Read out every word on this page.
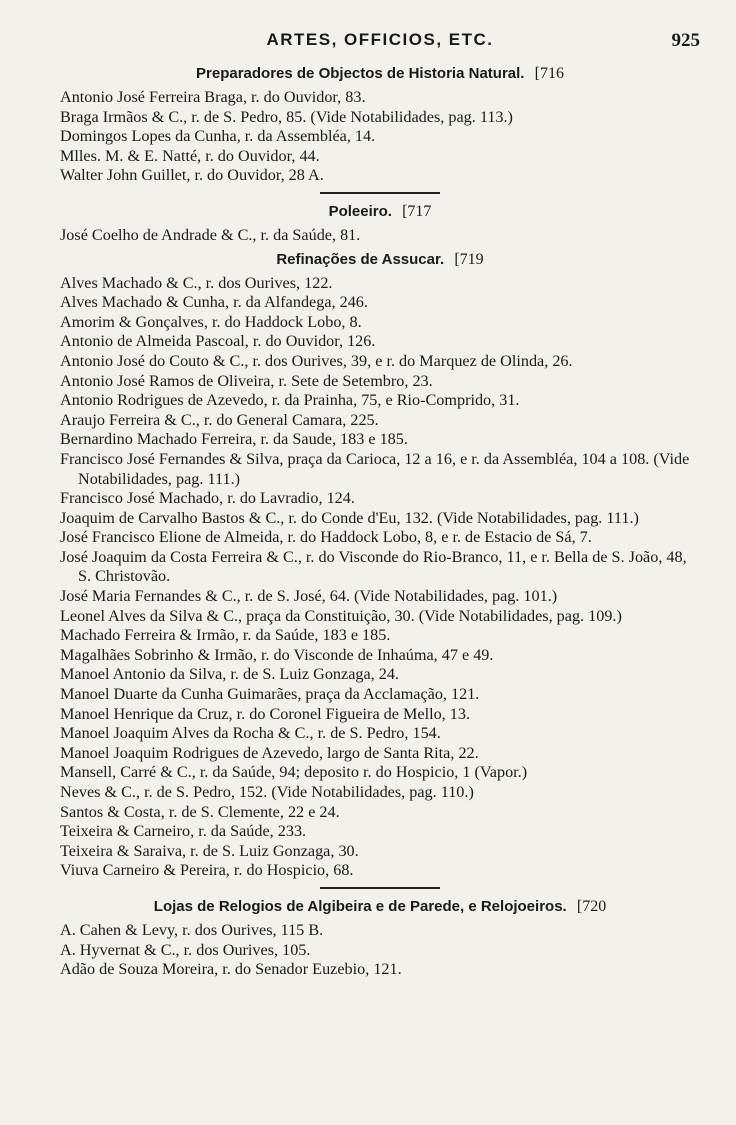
ARTES, OFFICIOS, ETC.	925
Preparadores de Objectos de Historia Natural. [716
Antonio José Ferreira Braga, r. do Ouvidor, 83.
Braga Irmãos & C., r. de S. Pedro, 85. (Vide Notabilidades, pag. 113.)
Domingos Lopes da Cunha, r. da Assembléa, 14.
Mlles. M. & E. Natté, r. do Ouvidor, 44.
Walter John Guillet, r. do Ouvidor, 28 A.
Poleeiro. [717
José Coelho de Andrade & C., r. da Saúde, 81.
Refinações de Assucar. [719
Alves Machado & C., r. dos Ourives, 122.
Alves Machado & Cunha, r. da Alfandega, 246.
Amorim & Gonçalves, r. do Haddock Lobo, 8.
Antonio de Almeida Pascoal, r. do Ouvidor, 126.
Antonio José do Couto & C., r. dos Ourives, 39, e r. do Marquez de Olinda, 26.
Antonio José Ramos de Oliveira, r. Sete de Setembro, 23.
Antonio Rodrigues de Azevedo, r. da Prainha, 75, e Rio-Comprido, 31.
Araujo Ferreira & C., r. do General Camara, 225.
Bernardino Machado Ferreira, r. da Saude, 183 e 185.
Francisco José Fernandes & Silva, praça da Carioca, 12 a 16, e r. da Assembléa, 104 a 108. (Vide Notabilidades, pag. 111.)
Francisco José Machado, r. do Lavradio, 124.
Joaquim de Carvalho Bastos & C., r. do Conde d'Eu, 132. (Vide Notabilidades, pag. 111.)
José Francisco Elione de Almeida, r. do Haddock Lobo, 8, e r. de Estacio de Sá, 7.
José Joaquim da Costa Ferreira & C., r. do Visconde do Rio-Branco, 11, e r. Bella de S. João, 48, S. Christovão.
José Maria Fernandes & C., r. de S. José, 64. (Vide Notabilidades, pag. 101.)
Leonel Alves da Silva & C., praça da Constituição, 30. (Vide Notabilidades, pag. 109.)
Machado Ferreira & Irmão, r. da Saúde, 183 e 185.
Magalhães Sobrinho & Irmão, r. do Visconde de Inhaúma, 47 e 49.
Manoel Antonio da Silva, r. de S. Luiz Gonzaga, 24.
Manoel Duarte da Cunha Guimarães, praça da Acclamação, 121.
Manoel Henrique da Cruz, r. do Coronel Figueira de Mello, 13.
Manoel Joaquim Alves da Rocha & C., r. de S. Pedro, 154.
Manoel Joaquim Rodrigues de Azevedo, largo de Santa Rita, 22.
Mansell, Carré & C., r. da Saúde, 94; deposito r. do Hospicio, 1 (Vapor.)
Neves & C., r. de S. Pedro, 152. (Vide Notabilidades, pag. 110.)
Santos & Costa, r. de S. Clemente, 22 e 24.
Teixeira & Carneiro, r. da Saúde, 233.
Teixeira & Saraiva, r. de S. Luiz Gonzaga, 30.
Viuva Carneiro & Pereira, r. do Hospicio, 68.
Lojas de Relogios de Algibeira e de Parede, e Relojoeiros. [720
A. Cahen & Levy, r. dos Ourives, 115 B.
A. Hyvernat & C., r. dos Ourives, 105.
Adão de Souza Moreira, r. do Senador Euzebio, 121.
